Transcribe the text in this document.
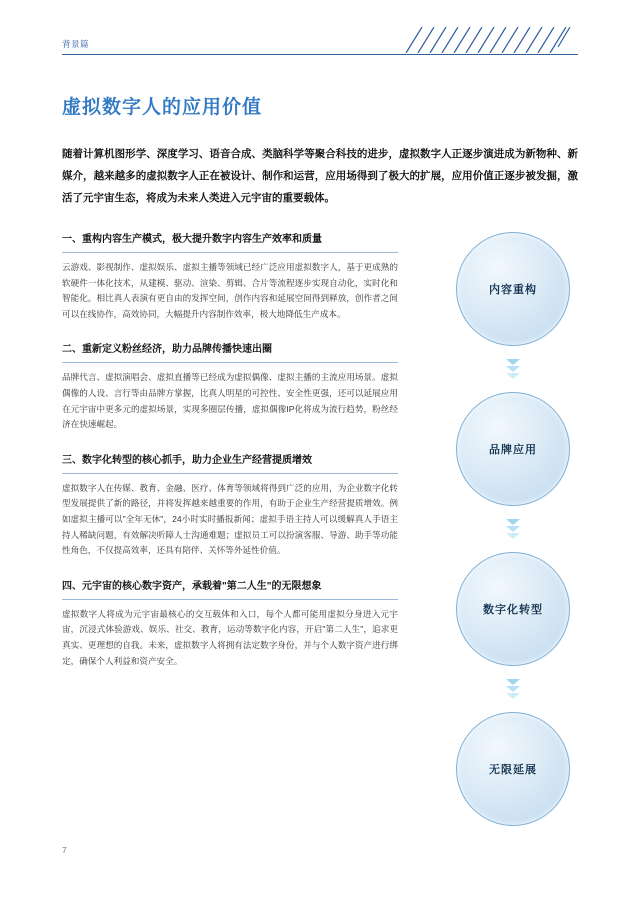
背景篇
虚拟数字人的应用价值
随着计算机图形学、深度学习、语音合成、类脑科学等聚合科技的进步，虚拟数字人正逐步演进成为新物种、新媒介，越来越多的虚拟数字人正在被设计、制作和运营，应用场得到了极大的扩展，应用价值正逐步被发掘，激活了元宇宙生态，将成为未来人类进入元宇宙的重要载体。
一、重构内容生产模式，极大提升数字内容生产效率和质量
云游戏、影视制作、虚拟娱乐、虚拟主播等领域已经广泛应用虚拟数字人，基于更成熟的软硬件一体化技术，从建模、驱动、渲染、剪辑、合片等流程逐步实现自动化，实时化和智能化。相比真人表演有更自由的发挥空间，创作内容和延展空间得到释放，创作者之间可以在线协作，高效协同，大幅提升内容制作效率，极大地降低生产成本。
二、重新定义粉丝经济，助力品牌传播快速出圈
品牌代言、虚拟演唱会、虚拟直播等已经成为虚拟偶像、虚拟主播的主流应用场景。虚拟偶像的人设、言行等由品牌方掌握，比真人明星的可控性、安全性更强，还可以延展应用在元宇宙中更多元的虚拟场景，实现多圈层传播，虚拟偶像IP化将成为流行趋势，粉丝经济在快速崛起。
三、数字化转型的核心抓手，助力企业生产经营提质增效
虚拟数字人在传媒、教育、金融、医疗、体育等领域将得到广泛的应用，为企业数字化转型发展提供了新的路径，并将发挥越来越重要的作用，有助于企业生产经营提质增效。例如虚拟主播可以"全年无休"，24小时实时播报新闻；虚拟手语主持人可以缓解真人手语主持人稀缺问题，有效解决听障人士沟通难题；虚拟员工可以扮演客服、导游、助手等功能性角色，不仅提高效率，还具有陪伴、关怀等外延性价值。
四、元宇宙的核心数字资产，承载着"第二人生"的无限想象
虚拟数字人将成为元宇宙最核心的交互载体和入口，每个人都可能用虚拟分身进入元宇宙，沉浸式体验游戏、娱乐、社交、教育，运动等数字化内容，开启"第二人生"，追求更真实、更理想的自我。未来，虚拟数字人将拥有法定数字身份，并与个人数字资产进行绑定，确保个人利益和资产安全。
内容重构
品牌应用
数字化转型
无限延展
7
